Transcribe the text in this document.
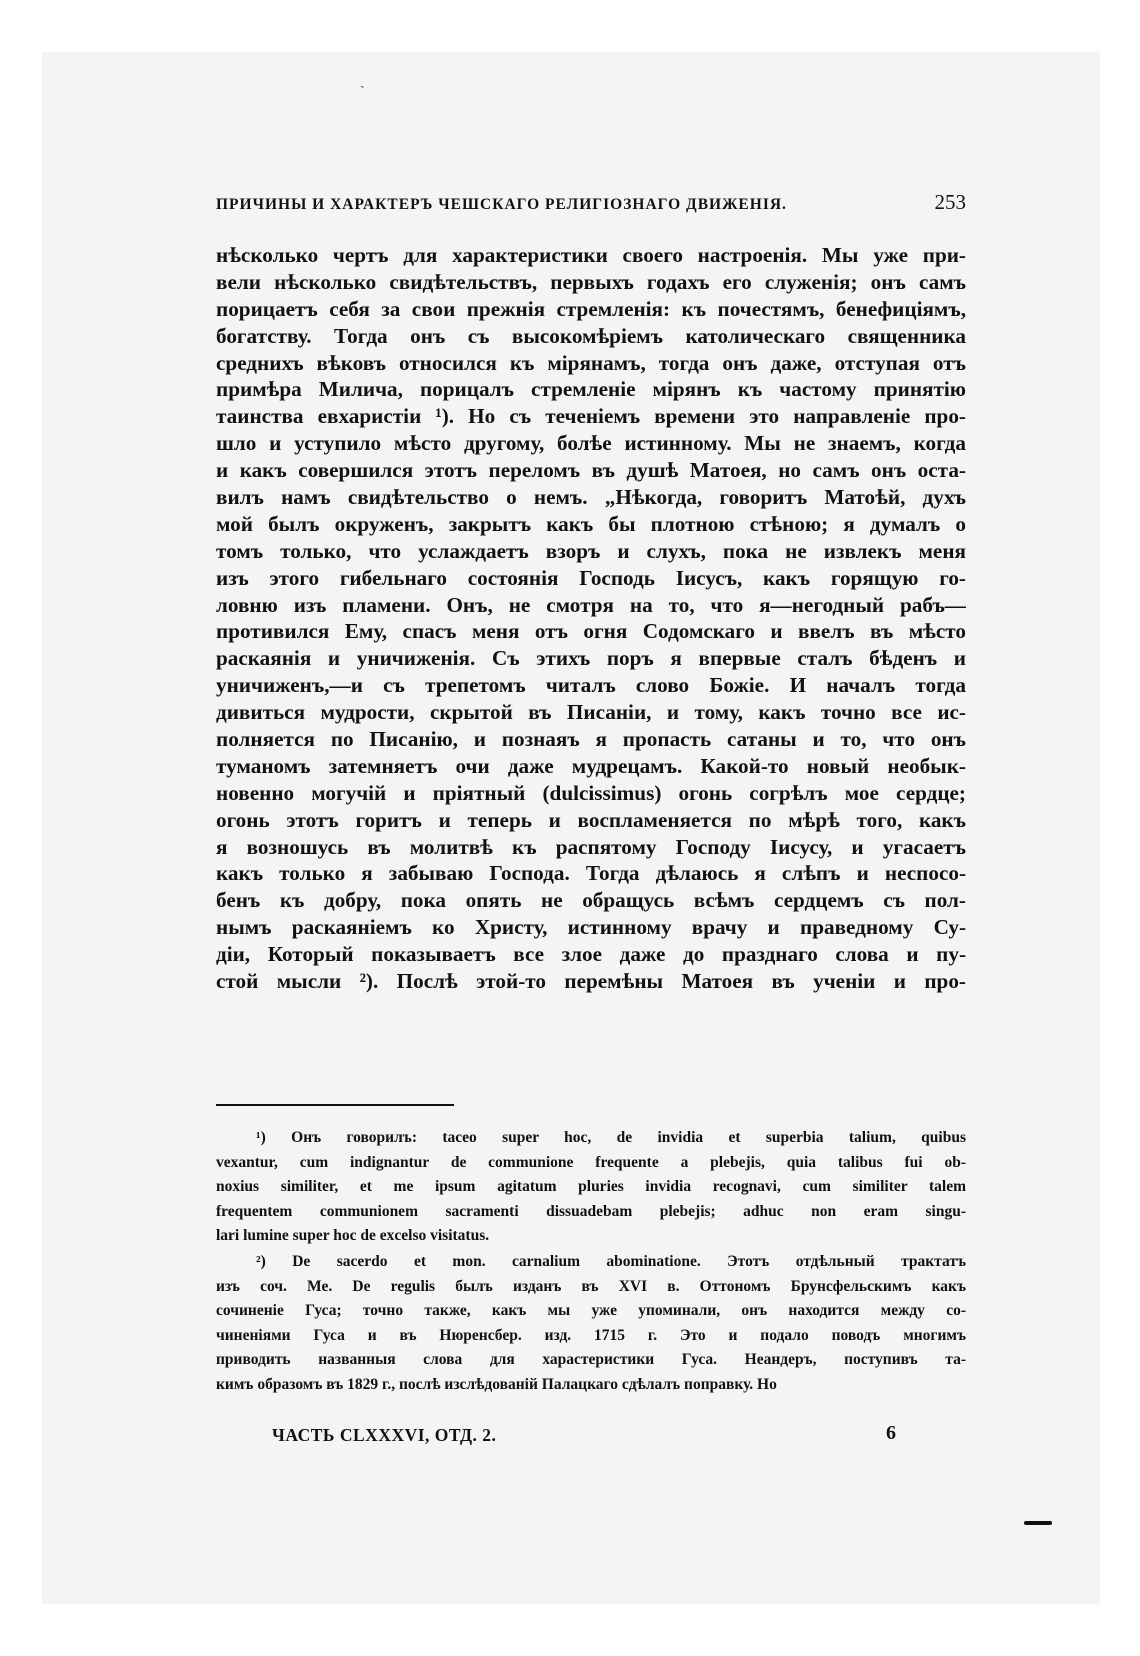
ˎ
ПРИЧИНЫ И ХАРАКТЕРЪ ЧЕШСКАГО РЕЛИГІОЗНАГО ДВИЖЕНІЯ.	253
нѣсколько чертъ для характеристики своего настроенія. Мы уже при-
вели нѣсколько свидѣтельствъ, первыхъ годахъ его служенія; онъ самъ
порицаетъ себя за свои прежнія стремленія: къ почестямъ, бенефиціямъ,
богатству. Тогда онъ съ высокомѣріемъ католическаго священника
среднихъ вѣковъ относился къ мірянамъ, тогда онъ даже, отступая отъ
примѣра Милича, порицалъ стремленіе мірянъ къ частому принятію
таинства евхаристіи ¹). Но съ теченіемъ времени это направленіе про-
шло и уступило мѣсто другому, болѣе истинному. Мы не знаемъ, когда
и какъ совершился этотъ переломъ въ душѣ Матоея, но самъ онъ оста-
вилъ намъ свидѣтельство о немъ. „Нѣкогда, говоритъ Матоѣй, духъ
мой былъ окруженъ, закрытъ какъ бы плотною стѣною; я думалъ о
томъ только, что услаждаетъ взоръ и слухъ, пока не извлекъ меня
изъ этого гибельнаго состоянія Господь Іисусъ, какъ горящую го-
ловню изъ пламени. Онъ, не смотря на то, что я—негодный рабъ—
противился Ему, спасъ меня отъ огня Содомскаго и ввелъ въ мѣсто
раскаянія и уничиженія. Съ этихъ поръ я впервые сталъ бѣденъ и
уничиженъ,—и съ трепетомъ читалъ слово Божіе. И началъ тогда
дивиться мудрости, скрытой въ Писаніи, и тому, какъ точно все ис-
полняется по Писанію, и познаяъ я пропасть сатаны и то, что онъ
туманомъ затемняетъ очи даже мудрецамъ. Какой-то новый необык-
новенно могучій и пріятный (dulcissimus) огонь согрѣлъ мое сердце;
огонь этотъ горитъ и теперь и воспламеняется по мѣрѣ того, какъ
я возношусь въ молитвѣ къ распятому Господу Іисусу, и угасаетъ
какъ только я забываю Господа. Тогда дѣлаюсь я слѣпъ и неспосо-
бенъ къ добру, пока опять не обращусь всѣмъ сердцемъ съ пол-
нымъ раскаяніемъ ко Христу, истинному врачу и праведному Су-
діи, Который показываетъ все злое даже до празднаго слова и пу-
стой мысли ²). Послѣ этой-то перемѣны Матоея въ ученіи и про-
¹) Онъ говорилъ: taceo super hoc, de invidia et superbia talium, quibus
vexantur, cum indignantur de communione frequente a plebejis, quia talibus fui ob-
noxius similiter, et me ipsum agitatum pluries invidia recognavi, cum similiter talem
frequentem communionem sacramenti dissuadebam plebejis; adhuc non eram singu-
lari lumine super hoc de excelso visitatus.
²) De sacerdo et mon. carnalium abominatione. Этотъ отдѣльный трактатъ
изъ соч. Ме. De regulis былъ изданъ въ XVI в. Оттономъ Брунсфельскимъ какъ
сочиненіе Гуса; точно также, какъ мы уже упоминали, онъ находится между со-
чиненіями Гуса и въ Нюренсбер. изд. 1715 г. Это и подало поводъ многимъ
приводить названныя слова для харастеристики Гуса. Неандеръ, поступивъ та-
кимъ образомъ въ 1829 г., послѣ изслѣдованій Палацкаго сдѣлалъ поправку. Но
ЧАСТЬ CLXXXVI, ОТД. 2.	6
